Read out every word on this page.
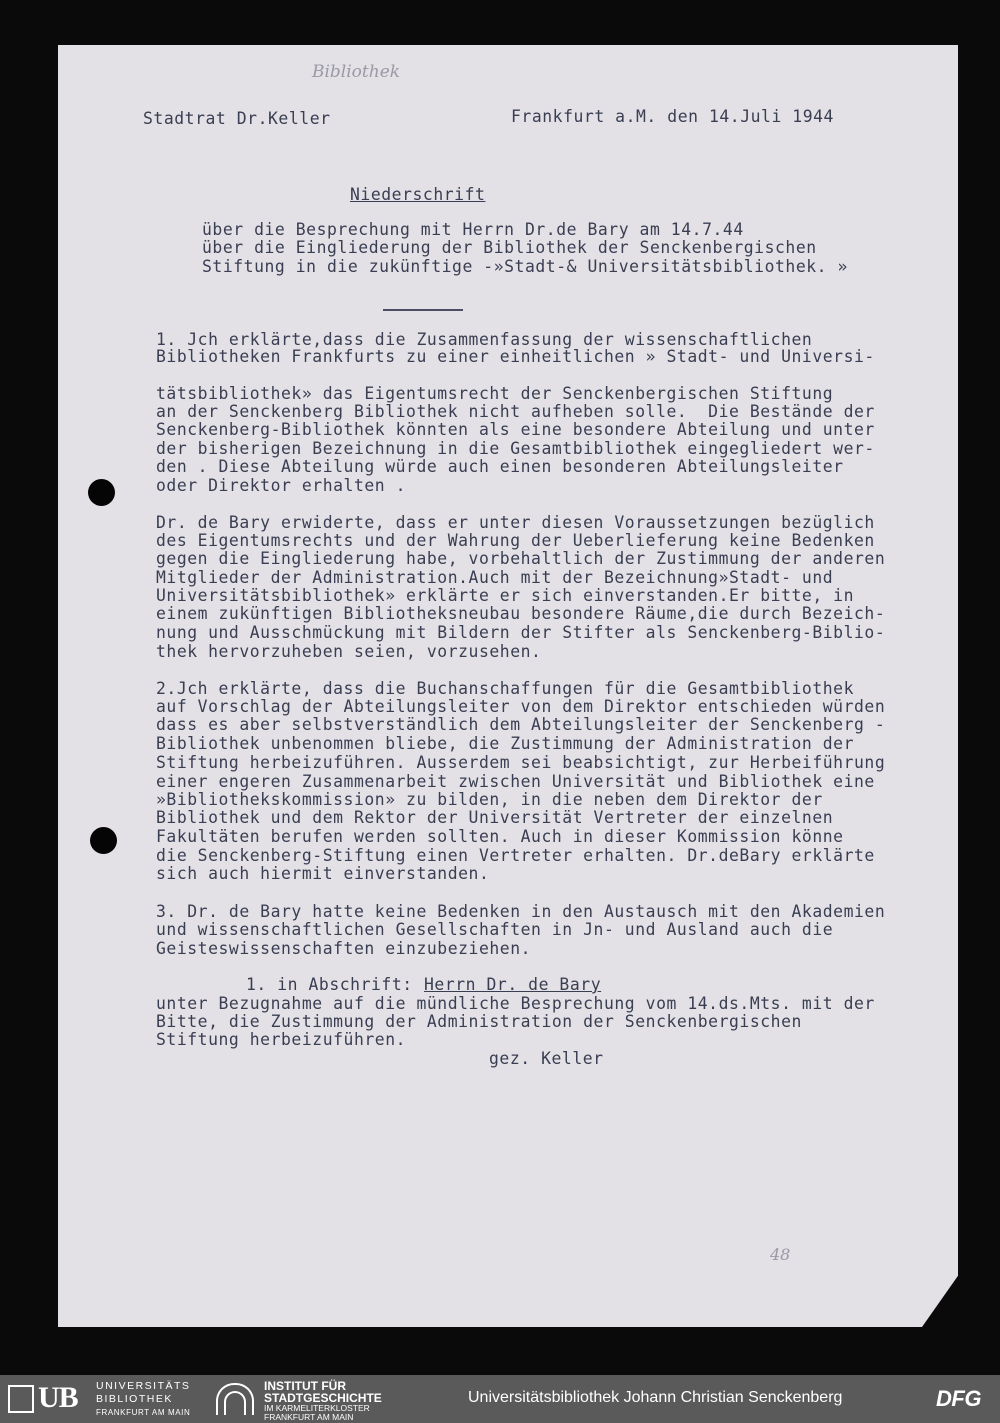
Bibliothek
Stadtrat Dr.Keller	Frankfurt a.M. den 14.Juli 1944
Niederschrift
über die Besprechung mit Herrn Dr.de Bary am 14.7.44
über die Eingliederung der Bibliothek der Senckenbergischen
Stiftung in die zukünftige -»Stadt-& Universitätsbibliothek. »
1. Jch erklärte,dass die Zusammenfassung der wissenschaftlichen
Bibliotheken Frankfurts zu einer einheitlichen » Stadt- und Universi-
tätsbibliothek» das Eigentumsrecht der Senckenbergischen Stiftung
an der Senckenberg Bibliothek nicht aufheben solle.  Die Bestände der
Senckenberg-Bibliothek könnten als eine besondere Abteilung und unter
der bisherigen Bezeichnung in die Gesamtbibliothek eingegliedert wer-
den . Diese Abteilung würde auch einen besonderen Abteilungsleiter
oder Direktor erhalten .
Dr. de Bary erwiderte, dass er unter diesen Voraussetzungen bezüglich
des Eigentumsrechts und der Wahrung der Ueberlieferung keine Bedenken
gegen die Eingliederung habe, vorbehaltlich der Zustimmung der anderen
Mitglieder der Administration.Auch mit der Bezeichnung»Stadt- und
Universitätsbibliothek» erklärte er sich einverstanden.Er bitte, in
einem zukünftigen Bibliotheksneubau besondere Räume,die durch Bezeich-
nung und Ausschmückung mit Bildern der Stifter als Senckenberg-Biblio-
thek hervorzuheben seien, vorzusehen.
2.Jch erklärte, dass die Buchanschaffungen für die Gesamtbibliothek
auf Vorschlag der Abteilungsleiter von dem Direktor entschieden würden
dass es aber selbstverständlich dem Abteilungsleiter der Senckenberg -
Bibliothek unbenommen bliebe, die Zustimmung der Administration der
Stiftung herbeizuführen. Ausserdem sei beabsichtigt, zur Herbeiführung
einer engeren Zusammenarbeit zwischen Universität und Bibliothek eine
»Bibliothekskommission» zu bilden, in die neben dem Direktor der
Bibliothek und dem Rektor der Universität Vertreter der einzelnen
Fakultäten berufen werden sollten. Auch in dieser Kommission könne
die Senckenberg-Stiftung einen Vertreter erhalten. Dr.deBary erklärte
sich auch hiermit einverstanden.
3. Dr. de Bary hatte keine Bedenken in den Austausch mit den Akademien
und wissenschaftlichen Gesellschaften in Jn- und Ausland auch die
Geisteswissenschaften einzubeziehen.
1. in Abschrift: Herrn Dr. de Bary
unter Bezugnahme auf die mündliche Besprechung vom 14.ds.Mts. mit der
Bitte, die Zustimmung der Administration der Senckenbergischen
Stiftung herbeizuführen.
gez. Keller
48
UB UNIVERSITÄTS
BIBLIOTHEK
FRANKFURT AM MAIN
INSTITUT FÜR
STADTGESCHICHTE
IM KARMELITERKLOSTER
FRANKFURT AM MAIN
Universitätsbibliothek Johann Christian Senckenberg	DFG
